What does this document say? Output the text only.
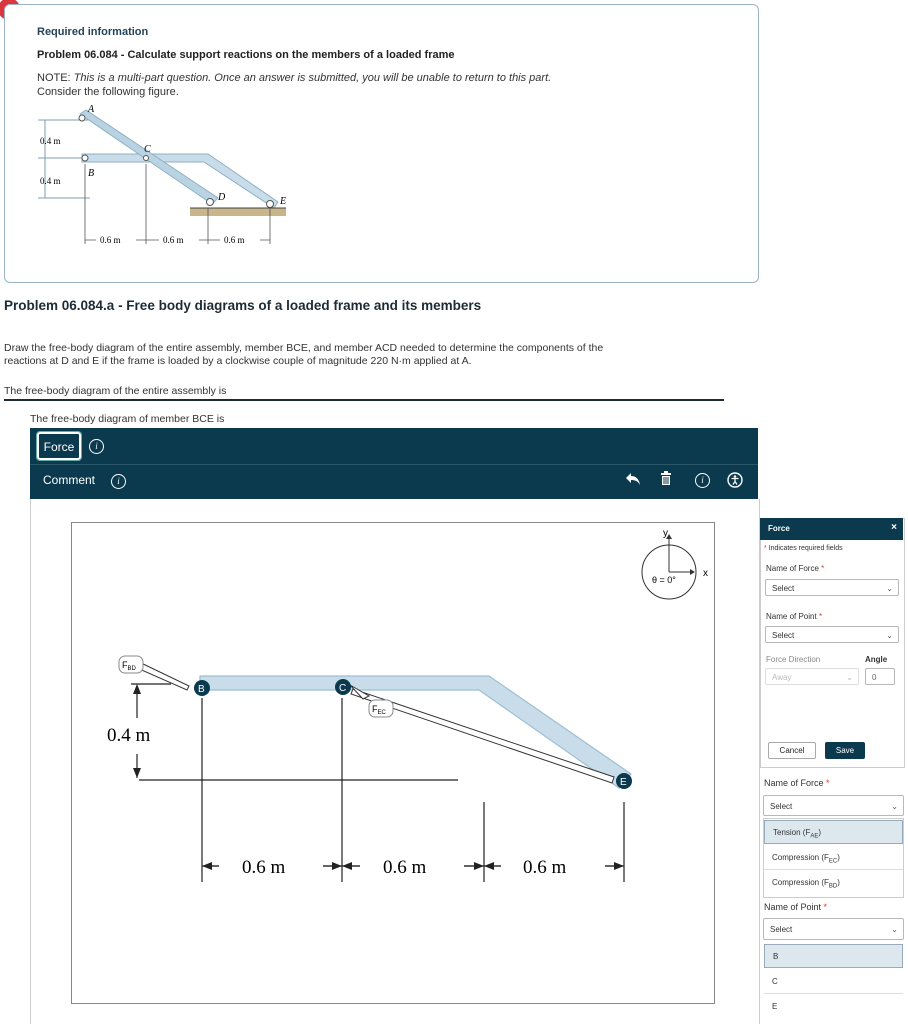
Required information
Problem 06.084 - Calculate support reactions on the members of a loaded frame
NOTE: This is a multi-part question. Once an answer is submitted, you will be unable to return to this part.
Consider the following figure.
0.4 m
0.4 m
A
B
C
D	E
0.6 m	0.6 m	0.6 m
Problem 06.084.a - Free body diagrams of a loaded frame and its members
Draw the free-body diagram of the entire assembly, member BCE, and member ACD needed to determine the components of the
reactions at D and E if the frame is loaded by a clockwise couple of magnitude 220 N·m applied at A.
The free-body diagram of the entire assembly is
The free-body diagram of member BCE is
Force	i
Comment	i	i
y
x
θ = 0°
$F_{BD}$
$F_{EC}$
B	C
E
0.4 m
0.6 m	0.6 m	0.6 m
Force	×
* Indicates required fields
Name of Force *
Select	⌄
Name of Point *
Select	⌄
Force Direction	Angle
Away	⌄	0
Cancel	Save
Name of Force *
Select	⌄
Tension $(F_{AE})$
Compression $(F_{EC})$
Compression $(F_{BD})$
Name of Point *
Select	⌄
B
C
E
